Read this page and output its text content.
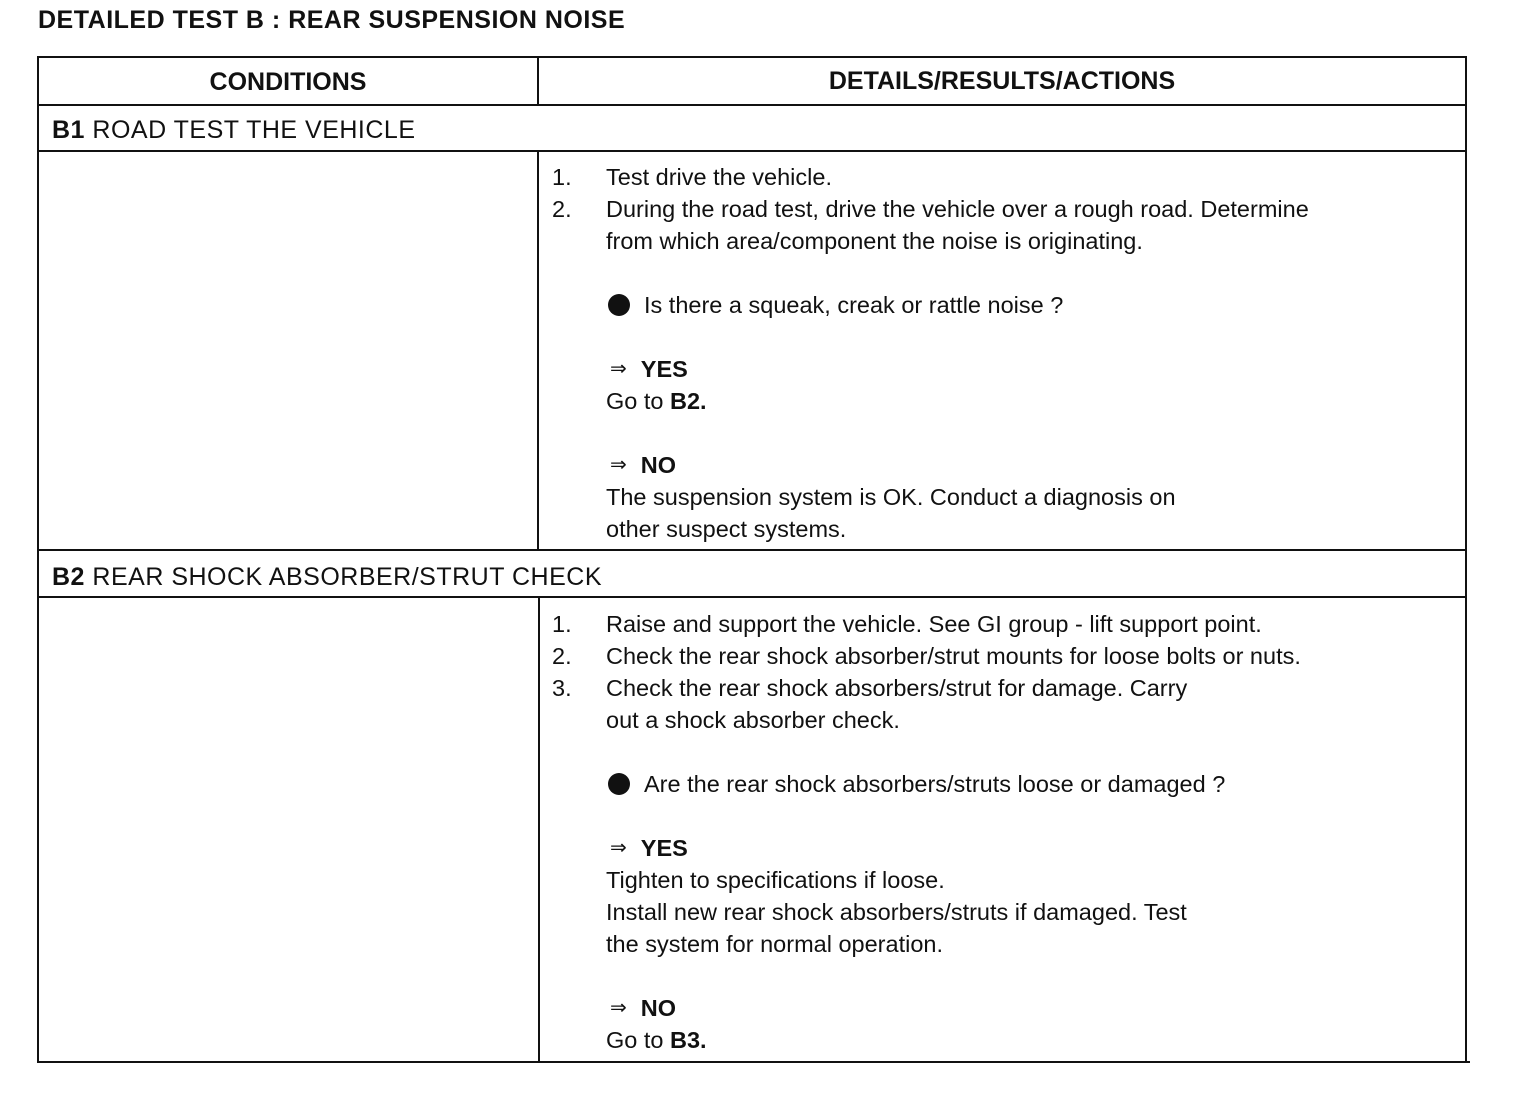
DETAILED TEST B : REAR SUSPENSION NOISE
CONDITIONS	DETAILS/RESULTS/ACTIONS
B1 ROAD TEST THE VEHICLE
1.	Test drive the vehicle.
2.	During the road test, drive the vehicle over a rough road. Determine
from which area/component the noise is originating.
Is there a squeak, creak or rattle noise ?
⇒ YES
Go to B2.
⇒ NO
The suspension system is OK. Conduct a diagnosis on
other suspect systems.
B2 REAR SHOCK ABSORBER/STRUT CHECK
1.	Raise and support the vehicle. See GI group - lift support point.
2.	Check the rear shock absorber/strut mounts for loose bolts or nuts.
3.	Check the rear shock absorbers/strut for damage. Carry
out a shock absorber check.
Are the rear shock absorbers/struts loose or damaged ?
⇒ YES
Tighten to specifications if loose.
Install new rear shock absorbers/struts if damaged. Test
the system for normal operation.
⇒ NO
Go to B3.
